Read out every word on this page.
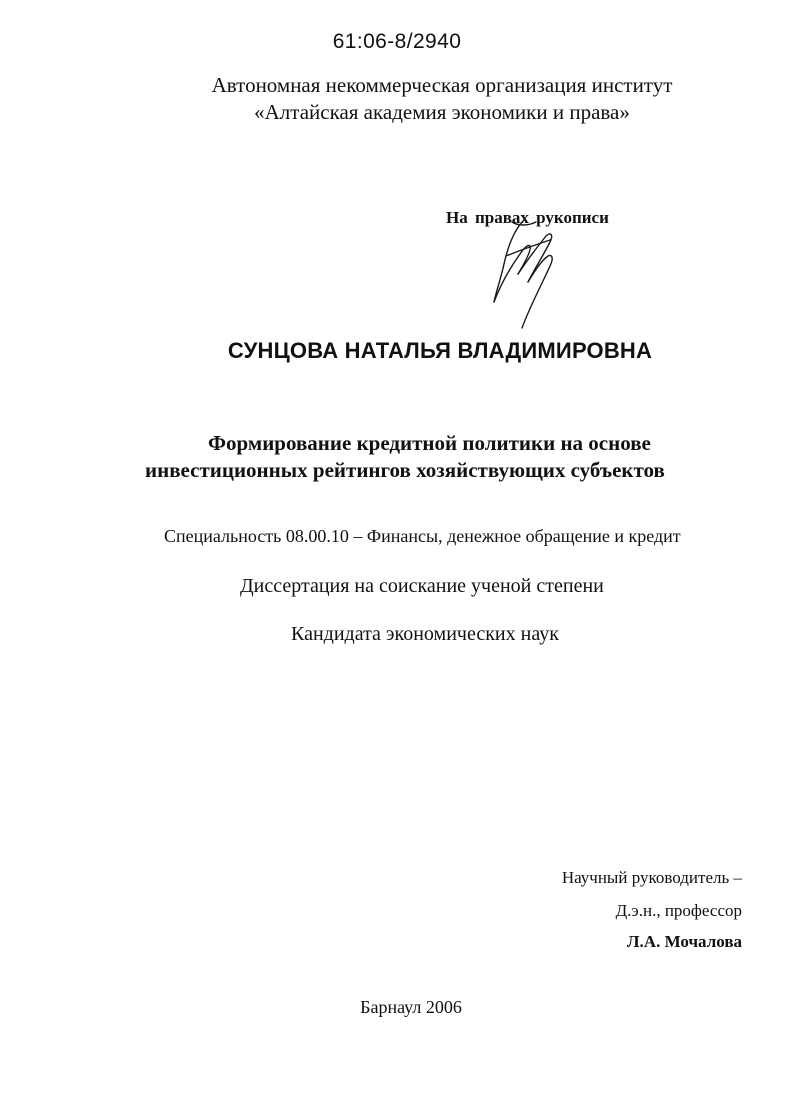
61:06-8/2940
Автономная некоммерческая организация институт
«Алтайская академия экономики и права»
На правах рукописи
СУНЦОВА НАТАЛЬЯ ВЛАДИМИРОВНА
Формирование кредитной политики на основе
инвестиционных рейтингов хозяйствующих субъектов
Специальность 08.00.10 – Финансы, денежное обращение и кредит
Диссертация на соискание ученой степени
Кандидата экономических наук
Научный руководитель –
Д.э.н., профессор
Л.А. Мочалова
Барнаул 2006
